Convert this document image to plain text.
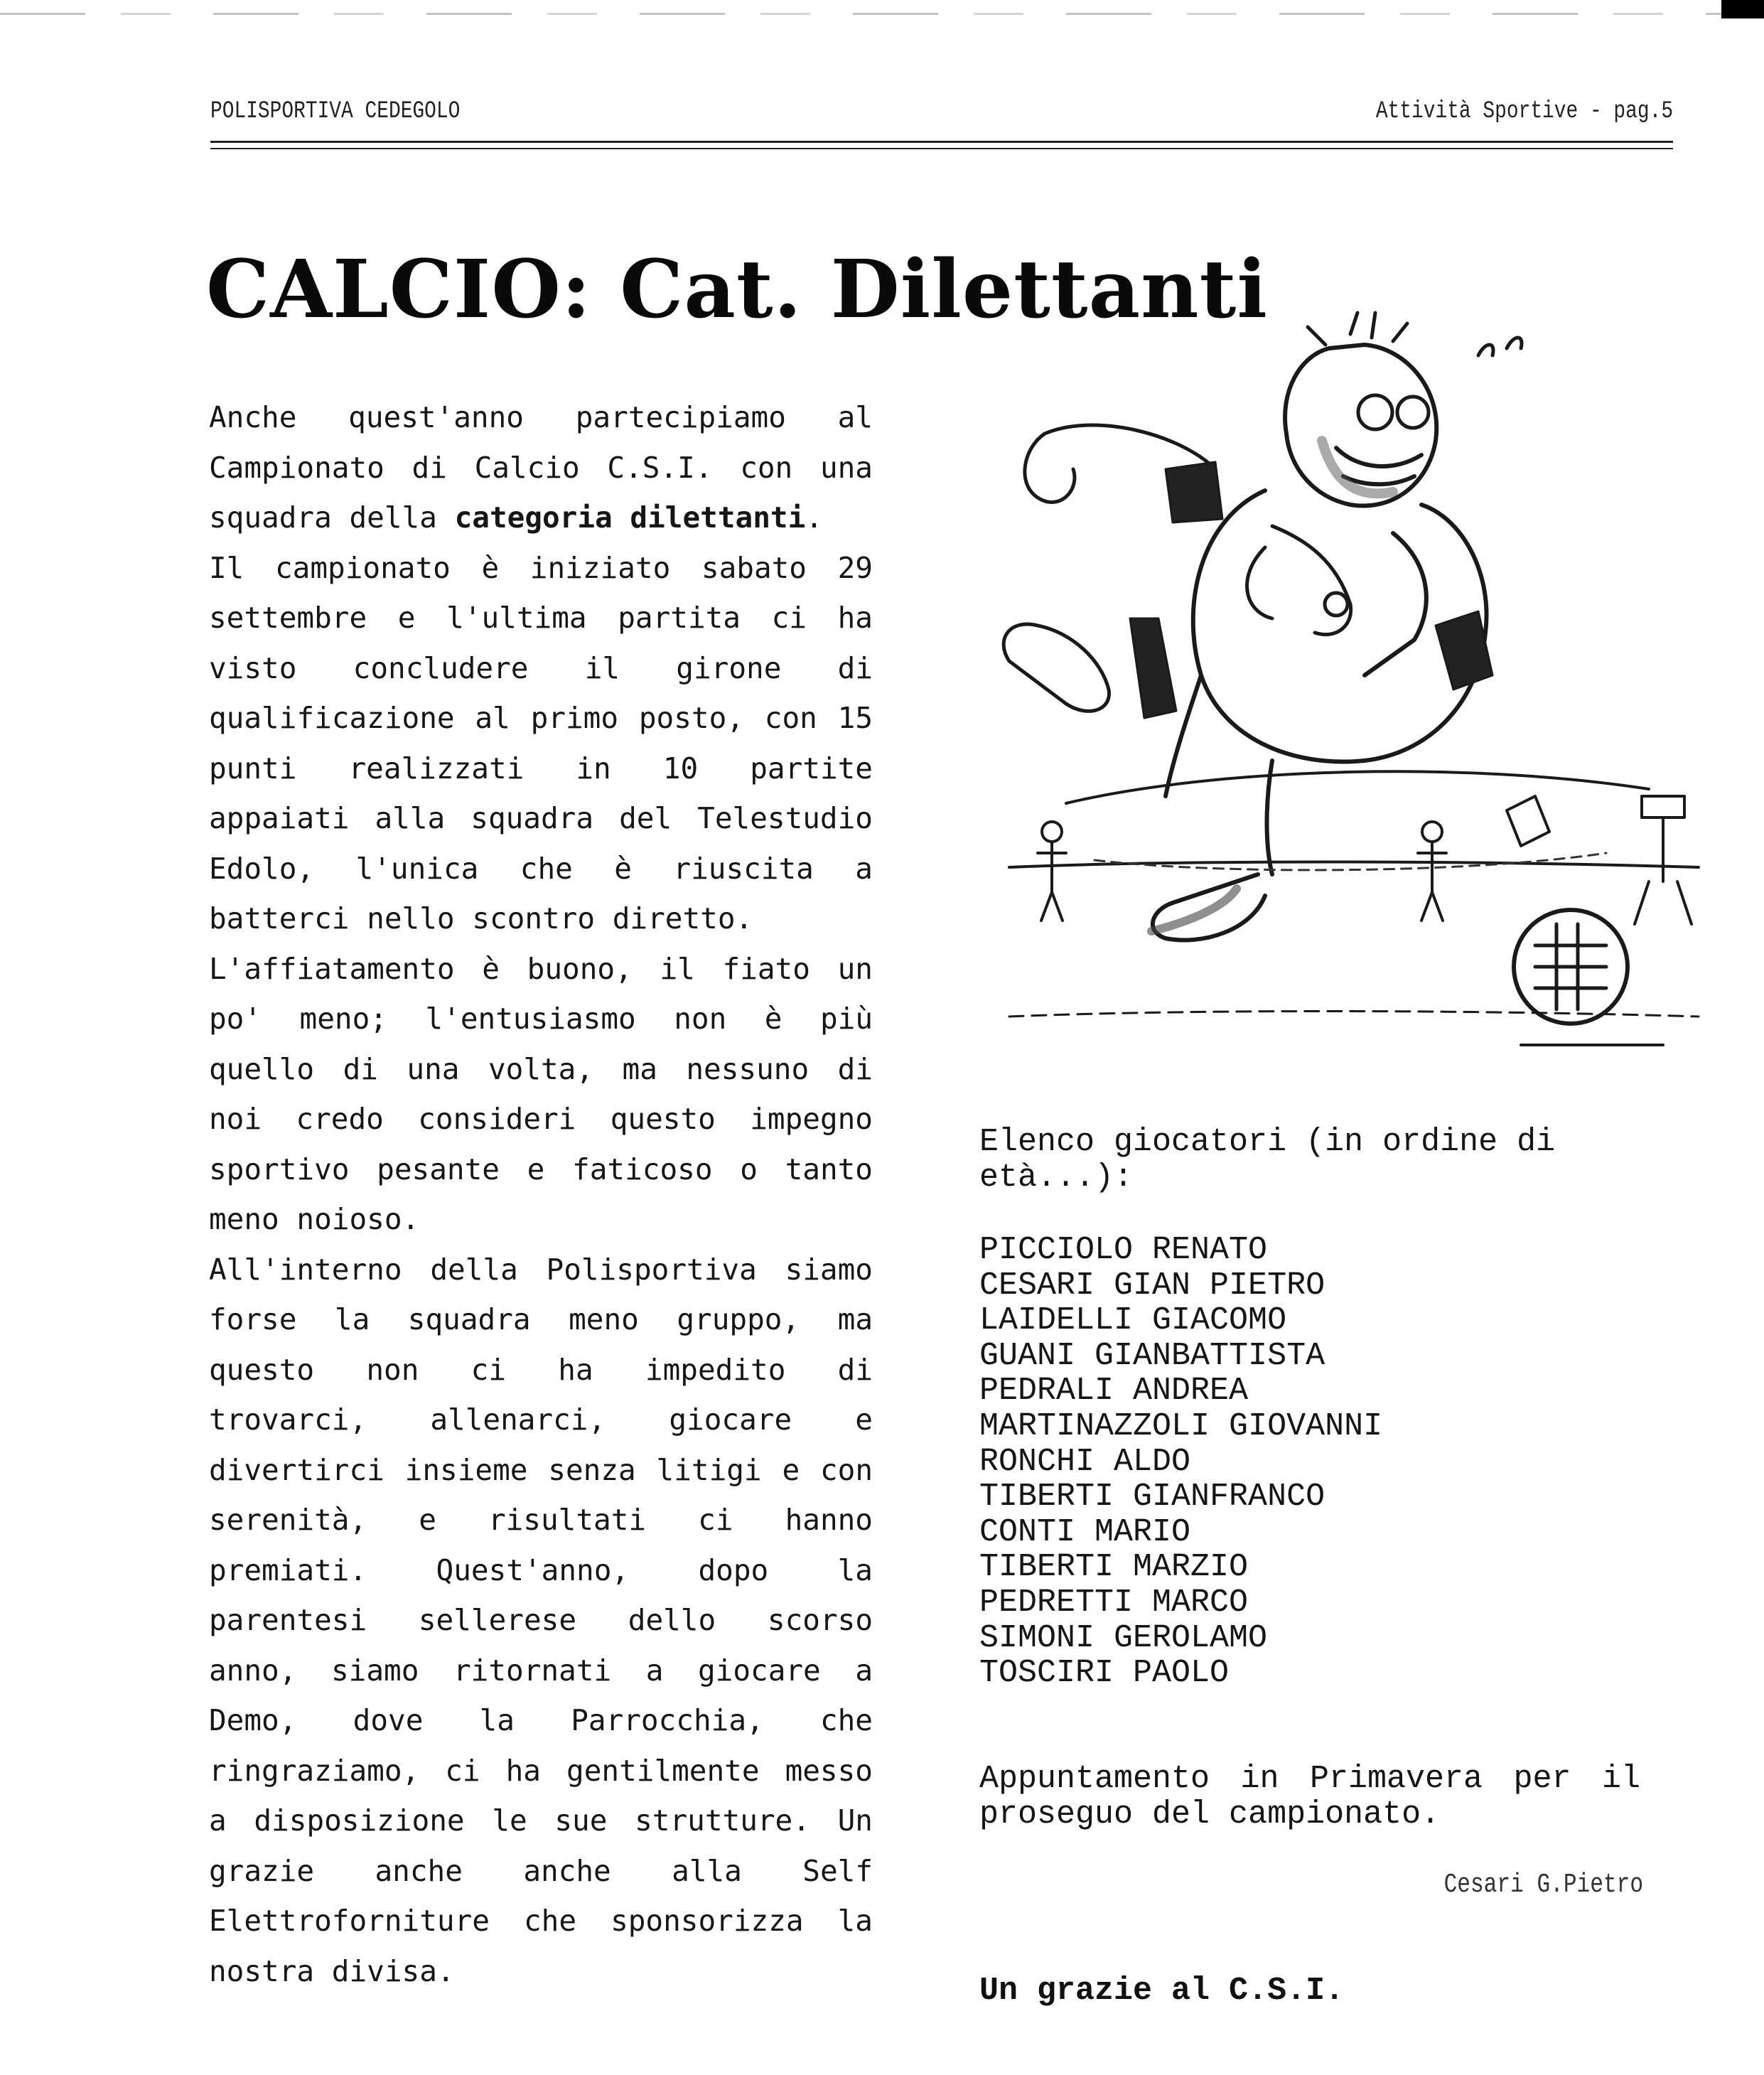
POLISPORTIVA CEDEGOLO	Attività Sportive - pag.5
CALCIO: Cat. Dilettanti

Anche quest'anno partecipiamo al Campionato di Calcio C.S.I. con una squadra della categoria dilettanti.

Il campionato è iniziato sabato 29 settembre e l'ultima partita ci ha visto concludere il girone di qualificazione al primo posto, con 15 punti realizzati in 10 partite appaiati alla squadra del Telestudio Edolo, l'unica che è riuscita a batterci nello scontro diretto.

L'affiatamento è buono, il fiato un po' meno; l'entusiasmo non è più quello di una volta, ma nessuno di noi credo consideri questo impegno sportivo pesante e faticoso o tanto meno noioso.

All'interno della Polisportiva siamo forse la squadra meno gruppo, ma questo non ci ha impedito di trovarci, allenarci, giocare e divertirci insieme senza litigi e con serenità, e risultati ci hanno premiati. Quest'anno, dopo la parentesi sellerese dello scorso anno, siamo ritornati a giocare a Demo, dove la Parrocchia, che ringraziamo, ci ha gentilmente messo a disposizione le sue strutture. Un grazie anche anche alla Self Elettroforniture che sponsorizza la nostra divisa.

Elenco giocatori (in ordine di età...):
PICCIOLO RENATO
CESARI GIAN PIETRO
LAIDELLI GIACOMO
GUANI GIANBATTISTA
PEDRALI ANDREA
MARTINAZZOLI GIOVANNI
RONCHI ALDO
TIBERTI GIANFRANCO
CONTI MARIO
TIBERTI MARZIO
PEDRETTI MARCO
SIMONI GEROLAMO
TOSCIRI PAOLO
Appuntamento in Primavera per il proseguo del campionato.
Cesari G.Pietro
Un grazie al C.S.I.
